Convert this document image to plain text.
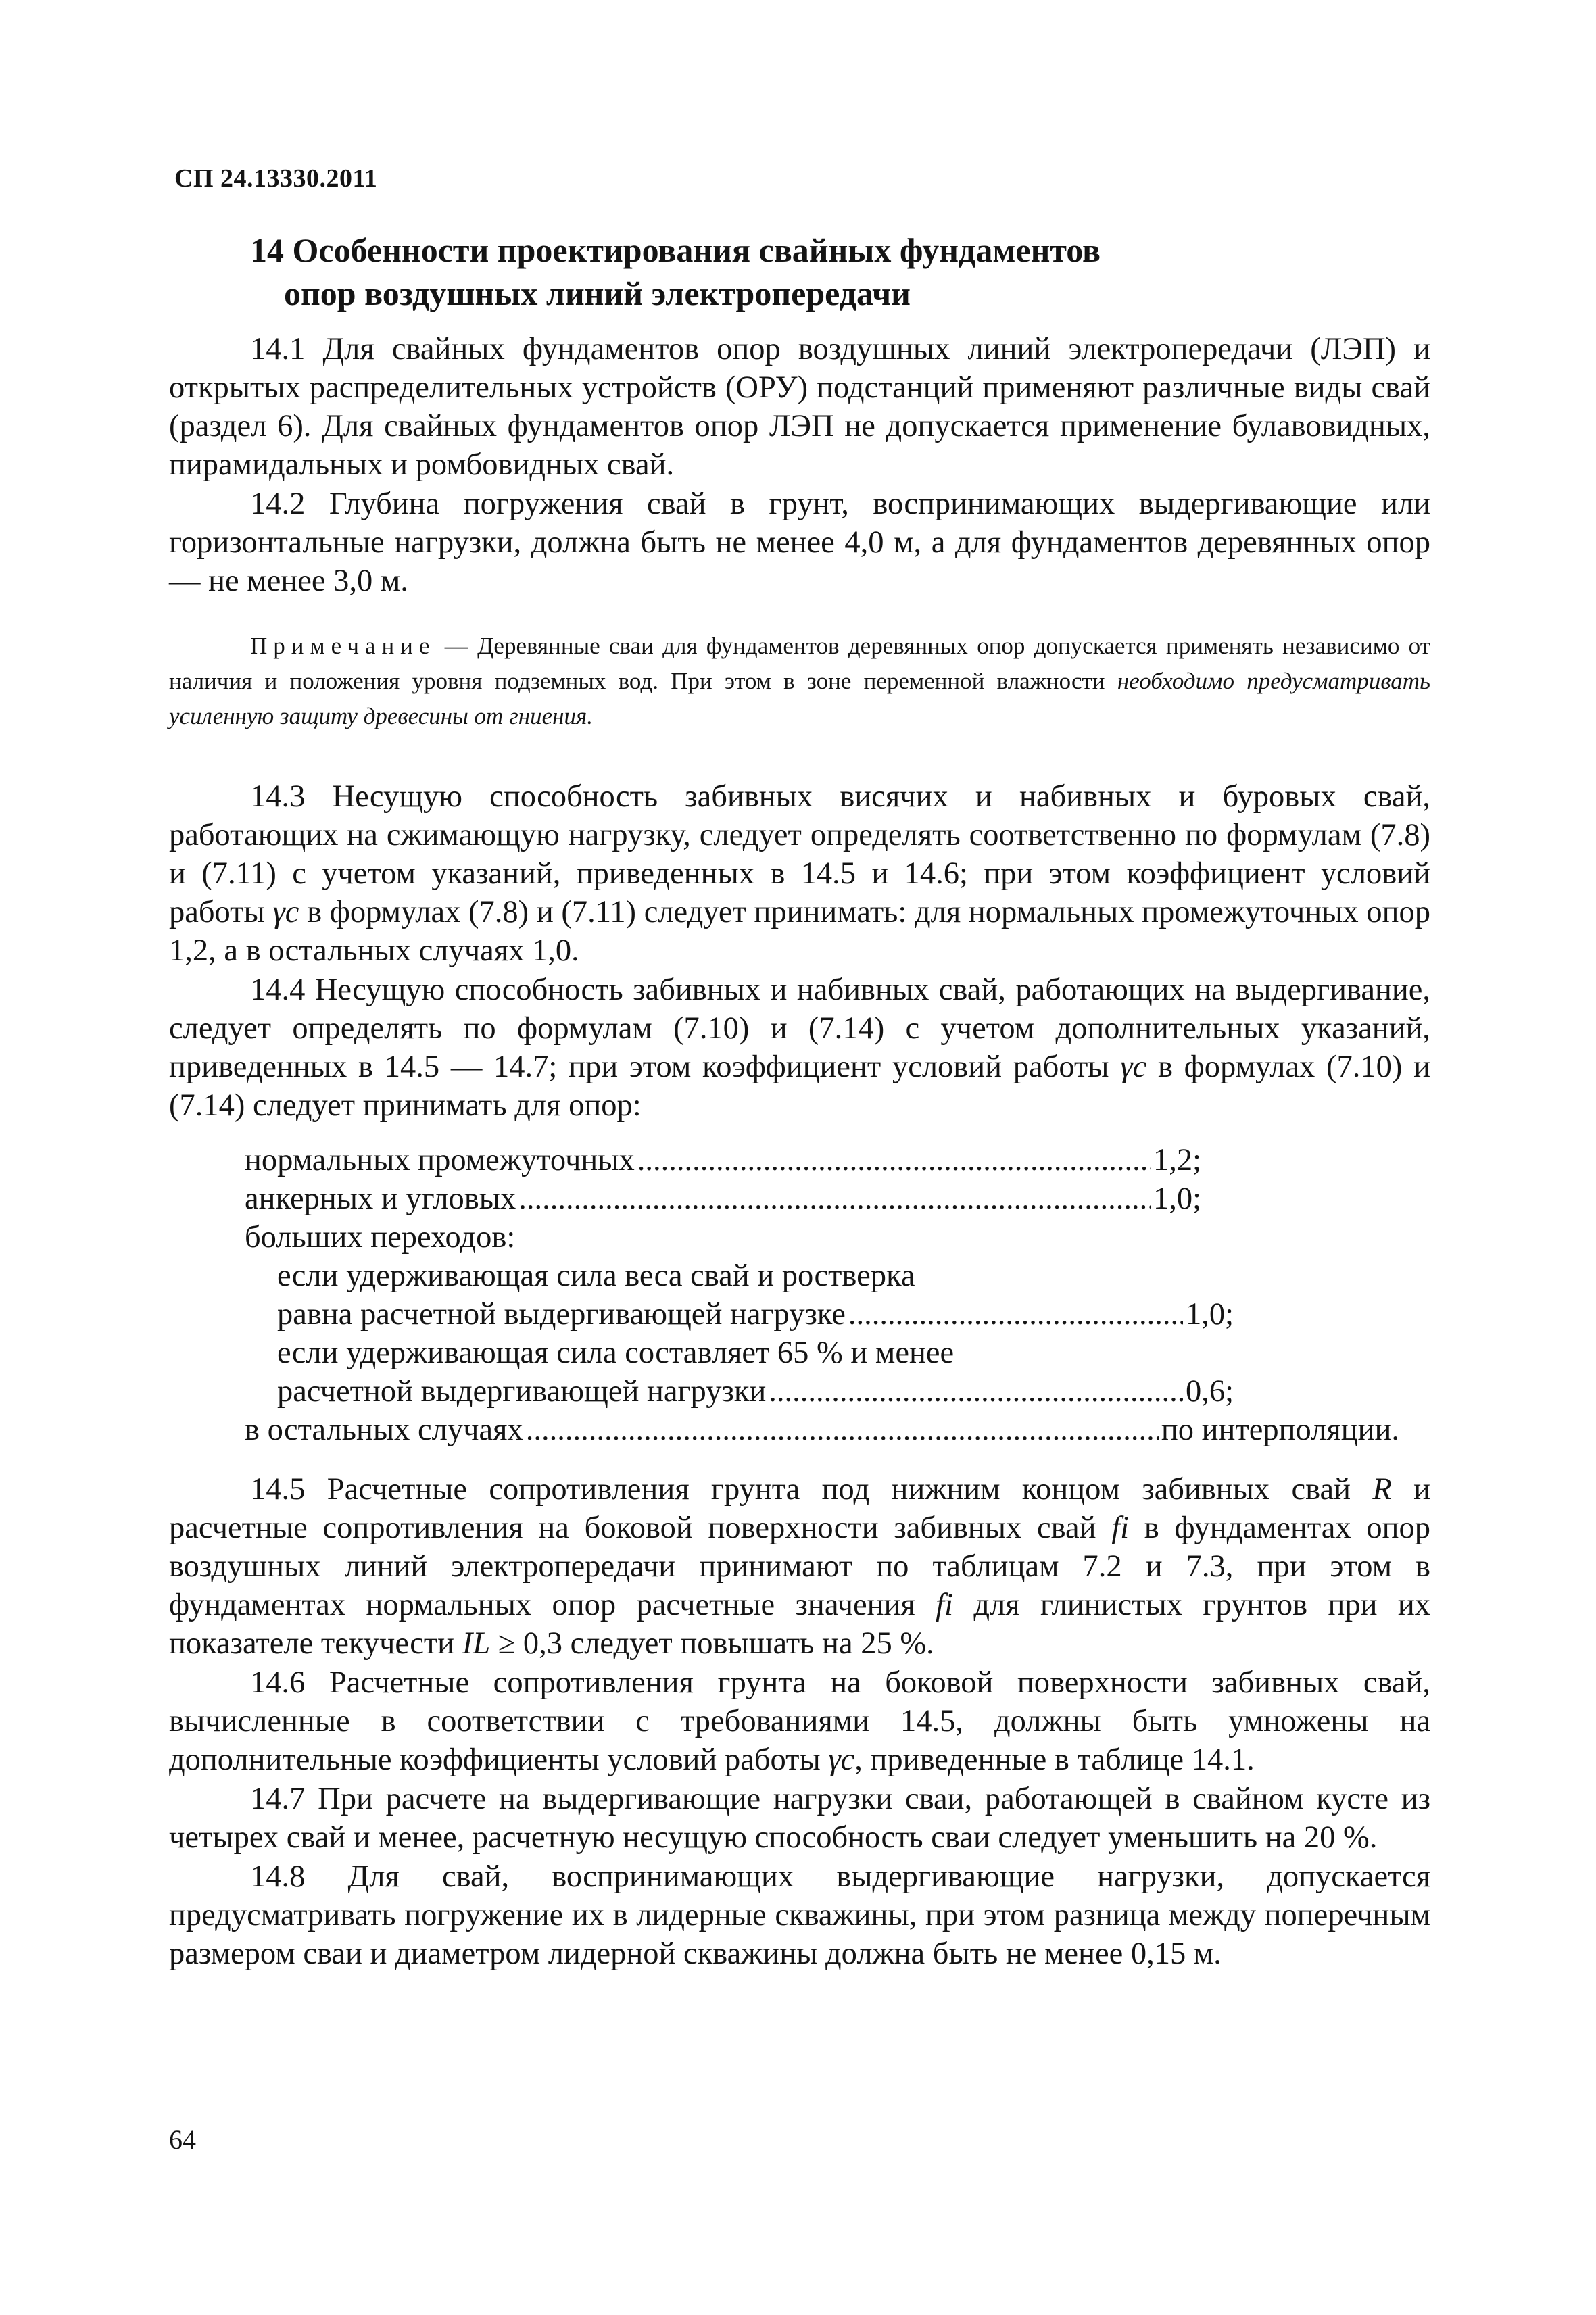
СП 24.13330.2011
14 Особенности проектирования свайных фундаментов
опор воздушных линий электропередачи

14.1 Для свайных фундаментов опор воздушных линий электропередачи (ЛЭП) и открытых распределительных устройств (ОРУ) подстанций применяют различные виды свай (раздел 6). Для свайных фундаментов опор ЛЭП не допускается применение булавовидных, пирамидальных и ромбовидных свай.

14.2 Глубина погружения свай в грунт, воспринимающих выдергивающие или горизонтальные нагрузки, должна быть не менее 4,0 м, а для фундаментов деревянных опор — не менее 3,0 м.

Примечание — Деревянные сваи для фундаментов деревянных опор допускается применять независимо от наличия и положения уровня подземных вод. При этом в зоне переменной влажности необходимо предусматривать усиленную защиту древесины от гниения.

14.3 Несущую способность забивных висячих и набивных и буровых свай, работающих на сжимающую нагрузку, следует определять соответственно по формулам (7.8) и (7.11) с учетом указаний, приведенных в 14.5 и 14.6; при этом коэффициент условий работы γc в формулах (7.8) и (7.11) следует принимать: для нормальных промежуточных опор 1,2, а в остальных случаях 1,0.

14.4 Несущую способность забивных и набивных свай, работающих на выдергивание, следует определять по формулам (7.10) и (7.14) с учетом дополнительных указаний, приведенных в 14.5 — 14.7; при этом коэффициент условий работы γc в формулах (7.10) и (7.14) следует принимать для опор:

нормальных промежуточных .....	1,2;
анкерных и угловых .....	1,0;
больших переходов:
если удерживающая сила веса свай и ростверка
равна расчетной выдергивающей нагрузке .....	1,0;
если удерживающая сила составляет 65 % и менее
расчетной выдергивающей нагрузки .....	0,6;
в остальных случаях .....	по интерполяции.

14.5 Расчетные сопротивления грунта под нижним концом забивных свай R и расчетные сопротивления на боковой поверхности забивных свай fi в фундаментах опор воздушных линий электропередачи принимают по таблицам 7.2 и 7.3, при этом в фундаментах нормальных опор расчетные значения fi для глинистых грунтов при их показателе текучести IL ≥ 0,3 следует повышать на 25 %.

14.6 Расчетные сопротивления грунта на боковой поверхности забивных свай, вычисленные в соответствии с требованиями 14.5, должны быть умножены на дополнительные коэффициенты условий работы γc, приведенные в таблице 14.1.

14.7 При расчете на выдергивающие нагрузки сваи, работающей в свайном кусте из четырех свай и менее, расчетную несущую способность сваи следует уменьшить на 20 %.

14.8 Для свай, воспринимающих выдергивающие нагрузки, допускается предусматривать погружение их в лидерные скважины, при этом разница между поперечным размером сваи и диаметром лидерной скважины должна быть не менее 0,15 м.

64
